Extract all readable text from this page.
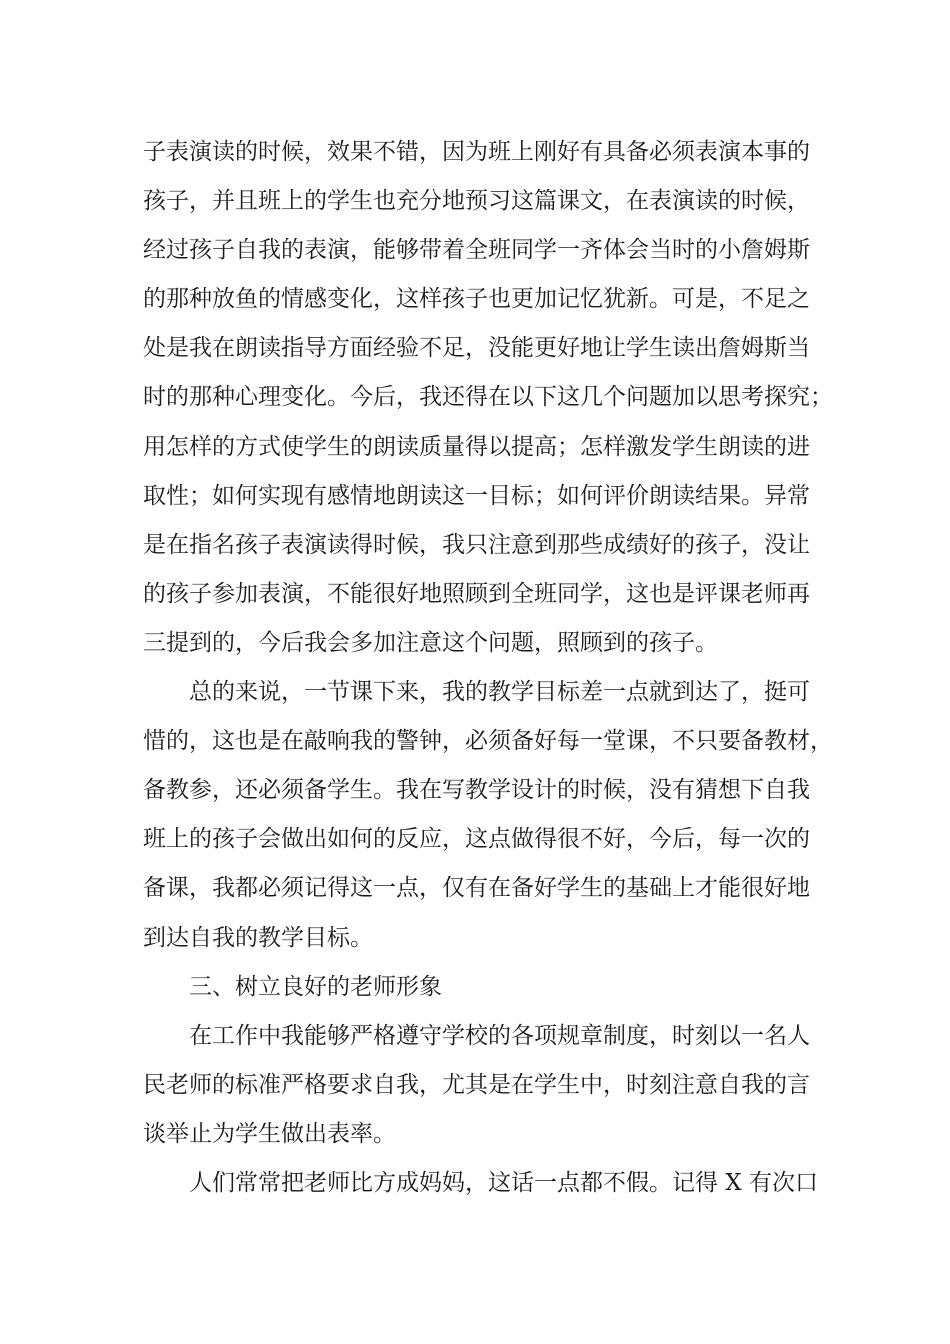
子表演读的时候，效果不错，因为班上刚好有具备必须表演本事的
孩子，并且班上的学生也充分地预习这篇课文，在表演读的时候，
经过孩子自我的表演，能够带着全班同学一齐体会当时的小詹姆斯
的那种放鱼的情感变化，这样孩子也更加记忆犹新。可是，不足之
处是我在朗读指导方面经验不足，没能更好地让学生读出詹姆斯当
时的那种心理变化。今后，我还得在以下这几个问题加以思考探究；
用怎样的方式使学生的朗读质量得以提高；怎样激发学生朗读的进
取性；如何实现有感情地朗读这一目标；如何评价朗读结果。异常
是在指名孩子表演读得时候，我只注意到那些成绩好的孩子，没让
的孩子参加表演，不能很好地照顾到全班同学，这也是评课老师再
三提到的，今后我会多加注意这个问题，照顾到的孩子。
总的来说，一节课下来，我的教学目标差一点就到达了，挺可
惜的，这也是在敲响我的警钟，必须备好每一堂课，不只要备教材，
备教参，还必须备学生。我在写教学设计的时候，没有猜想下自我
班上的孩子会做出如何的反应，这点做得很不好，今后，每一次的
备课，我都必须记得这一点，仅有在备好学生的基础上才能很好地
到达自我的教学目标。
三、树立良好的老师形象
在工作中我能够严格遵守学校的各项规章制度，时刻以一名人
民老师的标准严格要求自我，尤其是在学生中，时刻注意自我的言
谈举止为学生做出表率。
人们常常把老师比方成妈妈，这话一点都不假。记得 X 有次口
